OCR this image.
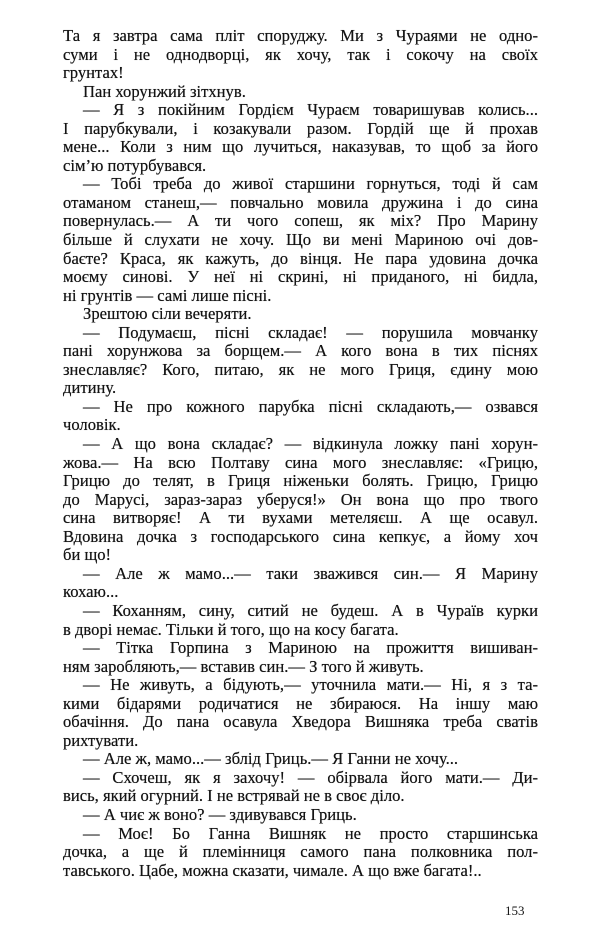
Та я завтра сама пліт споруджу. Ми з Чураями не одно-
суми і не однодворці, як хочу, так і сокочу на своїх
грунтах!
Пан хорунжий зітхнув.
— Я з покійним Гордієм Чураєм товаришував колись...
І парубкували, і козакували разом. Гордій ще й прохав
мене... Коли з ним що лучиться, наказував, то щоб за його
сім’ю потурбувався.
— Тобі треба до живої старшини горнуться, тоді й сам
отаманом станеш,— повчально мовила дружина і до сина
повернулась.— А ти чого сопеш, як міх? Про Марину
більше й слухати не хочу. Що ви мені Мариною очі дов-
баєте? Краса, як кажуть, до вінця. Не пара удовина дочка
моєму синові. У неї ні скрині, ні приданого, ні бидла,
ні грунтів — самі лише пісні.
Зрештою сіли вечеряти.
— Подумаєш, пісні складає! — порушила мовчанку
пані хорунжова за борщем.— А кого вона в тих піснях
знеславляє? Кого, питаю, як не мого Гриця, єдину мою
дитину.
— Не про кожного парубка пісні складають,— озвався
чоловік.
— А що вона складає? — відкинула ложку пані хорун-
жова.— На всю Полтаву сина мого знеславляє: «Грицю,
Грицю до телят, в Гриця ніженьки болять. Грицю, Грицю
до Марусі, зараз-зараз уберуся!» Он вона що про твого
сина витворяє! А ти вухами метеляєш. А ще осавул.
Вдовина дочка з господарського сина кепкує, а йому хоч
би що!
— Але ж мамо...— таки зважився син.— Я Марину
кохаю...
— Коханням, сину, ситий не будеш. А в Чураїв курки
в дворі немає. Тільки й того, що на косу багата.
— Тітка Горпина з Мариною на прожиття вишиван-
ням заробляють,— вставив син.— З того й живуть.
— Не живуть, а бідують,— уточнила мати.— Ні, я з та-
кими бідарями родичатися не збираюся. На іншу маю
обачіння. До пана осавула Хведора Вишняка треба сватів
рихтувати.
— Але ж, мамо...— зблід Гриць.— Я Ганни не хочу...
— Схочеш, як я захочу! — обірвала його мати.— Ди-
вись, який огурний. І не встрявай не в своє діло.
— А чиє ж воно? — здивувався Гриць.
— Моє! Бо Ганна Вишняк не просто старшинська
дочка, а ще й племінниця самого пана полковника пол-
тавського. Цабе, можна сказати, чимале. А що вже багата!..
153
